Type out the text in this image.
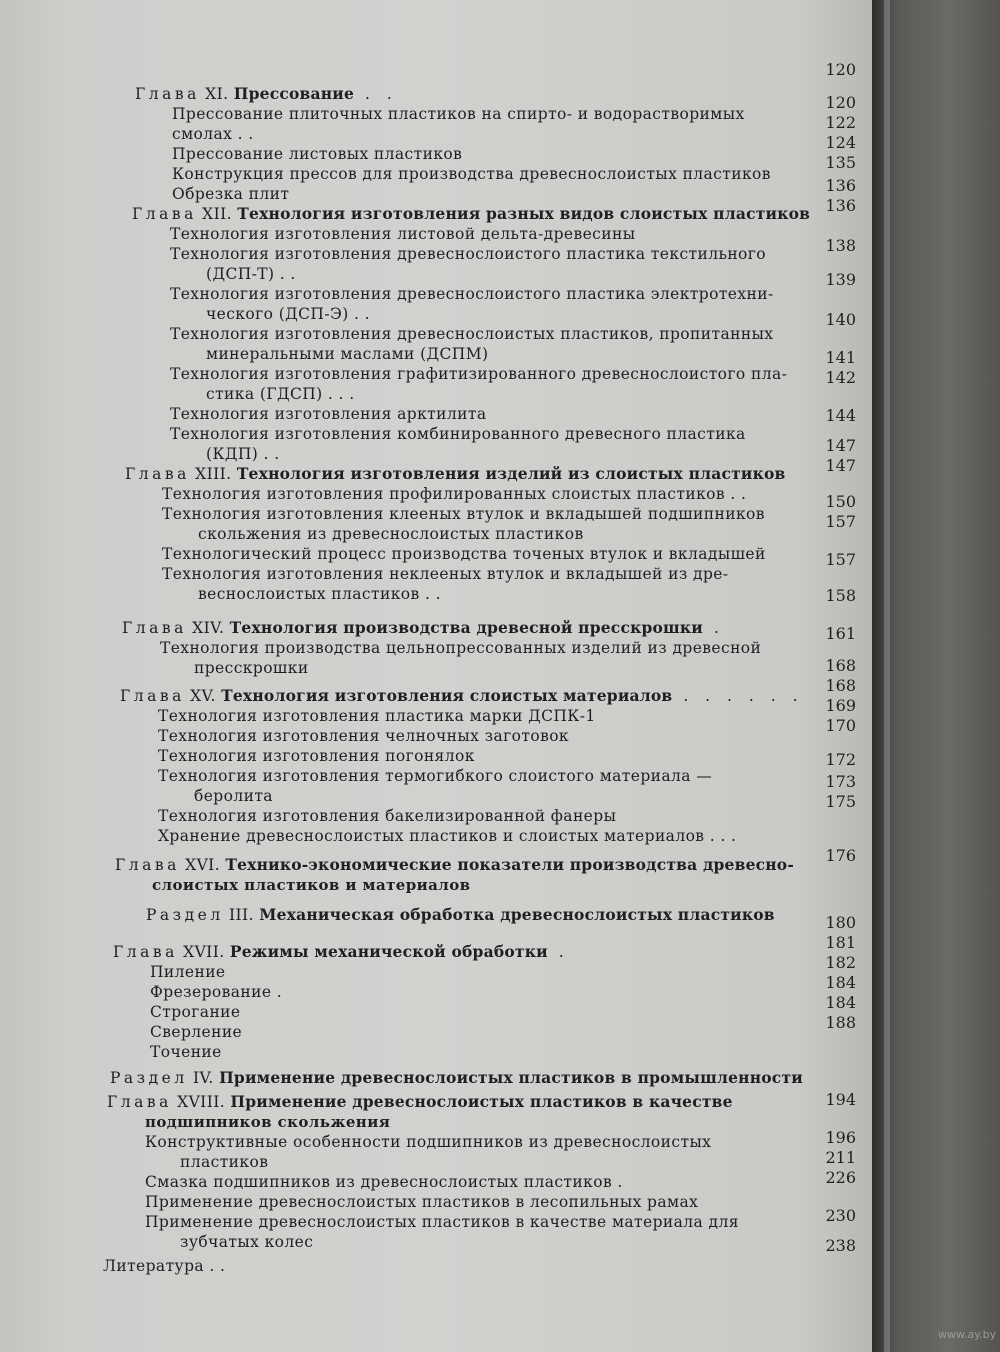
www.ay.by
Глава XI. Прессование . .
Прессование плиточных пластиков на спирто- и водорастворимых
смолах . .
Прессование листовых пластиков
Конструкция прессов для производства древеснослоистых пластиков
Обрезка плит
Глава XII. Технология изготовления разных видов слоистых пластиков
Технология изготовления листовой дельта-древесины
Технология изготовления древеснослоистого пластика текстильного
(ДСП-Т) . .
Технология изготовления древеснослоистого пластика электротехни-
ческого (ДСП-Э) . .
Технология изготовления древеснослоистых пластиков, пропитанных
минеральными маслами (ДСПМ)
Технология изготовления графитизированного древеснослоистого пла-
стика (ГДСП) . . .
Технология изготовления арктилита
Технология изготовления комбинированного древесного пластика
(КДП) . .
Глава XIII. Технология изготовления изделий из слоистых пластиков
Технология изготовления профилированных слоистых пластиков . .
Технология изготовления клееных втулок и вкладышей подшипников
скольжения из древеснослоистых пластиков
Технологический процесс производства точеных втулок и вкладышей
Технология изготовления неклееных втулок и вкладышей из дре-
веснослоистых пластиков . .
Глава XIV. Технология производства древесной пресскрошки .
Технология производства цельнопрессованных изделий из древесной
пресскрошки
Глава XV. Технология изготовления слоистых материалов . . . . . .
Технология изготовления пластика марки ДСПК-1
Технология изготовления челночных заготовок
Технология изготовления погонялок
Технология изготовления термогибкого слоистого материала —
беролита
Технология изготовления бакелизированной фанеры
Хранение древеснослоистых пластиков и слоистых материалов . . .
Глава XVI. Технико-экономические показатели производства древесно-
слоистых пластиков и материалов
Раздел III. Механическая обработка древеснослоистых пластиков
Глава XVII. Режимы механической обработки .
Пиление
Фрезерование .
Строгание
Сверление
Точение
Раздел IV. Применение древеснослоистых пластиков в промышленности
Глава XVIII. Применение древеснослоистых пластиков в качестве
подшипников скольжения
Конструктивные особенности подшипников из древеснослоистых
пластиков
Смазка подшипников из древеснослоистых пластиков .
Применение древеснослоистых пластиков в лесопильных рамах
Применение древеснослоистых пластиков в качестве материала для
зубчатых колес
Литература . .
120
120
122
124
135
136
136
138
139
140
141
142
144
147
147
150
157
157
158
161
168
168
169
170
172
173
175
176
180
181
182
184
184
188
194
196
211
226
230
238
